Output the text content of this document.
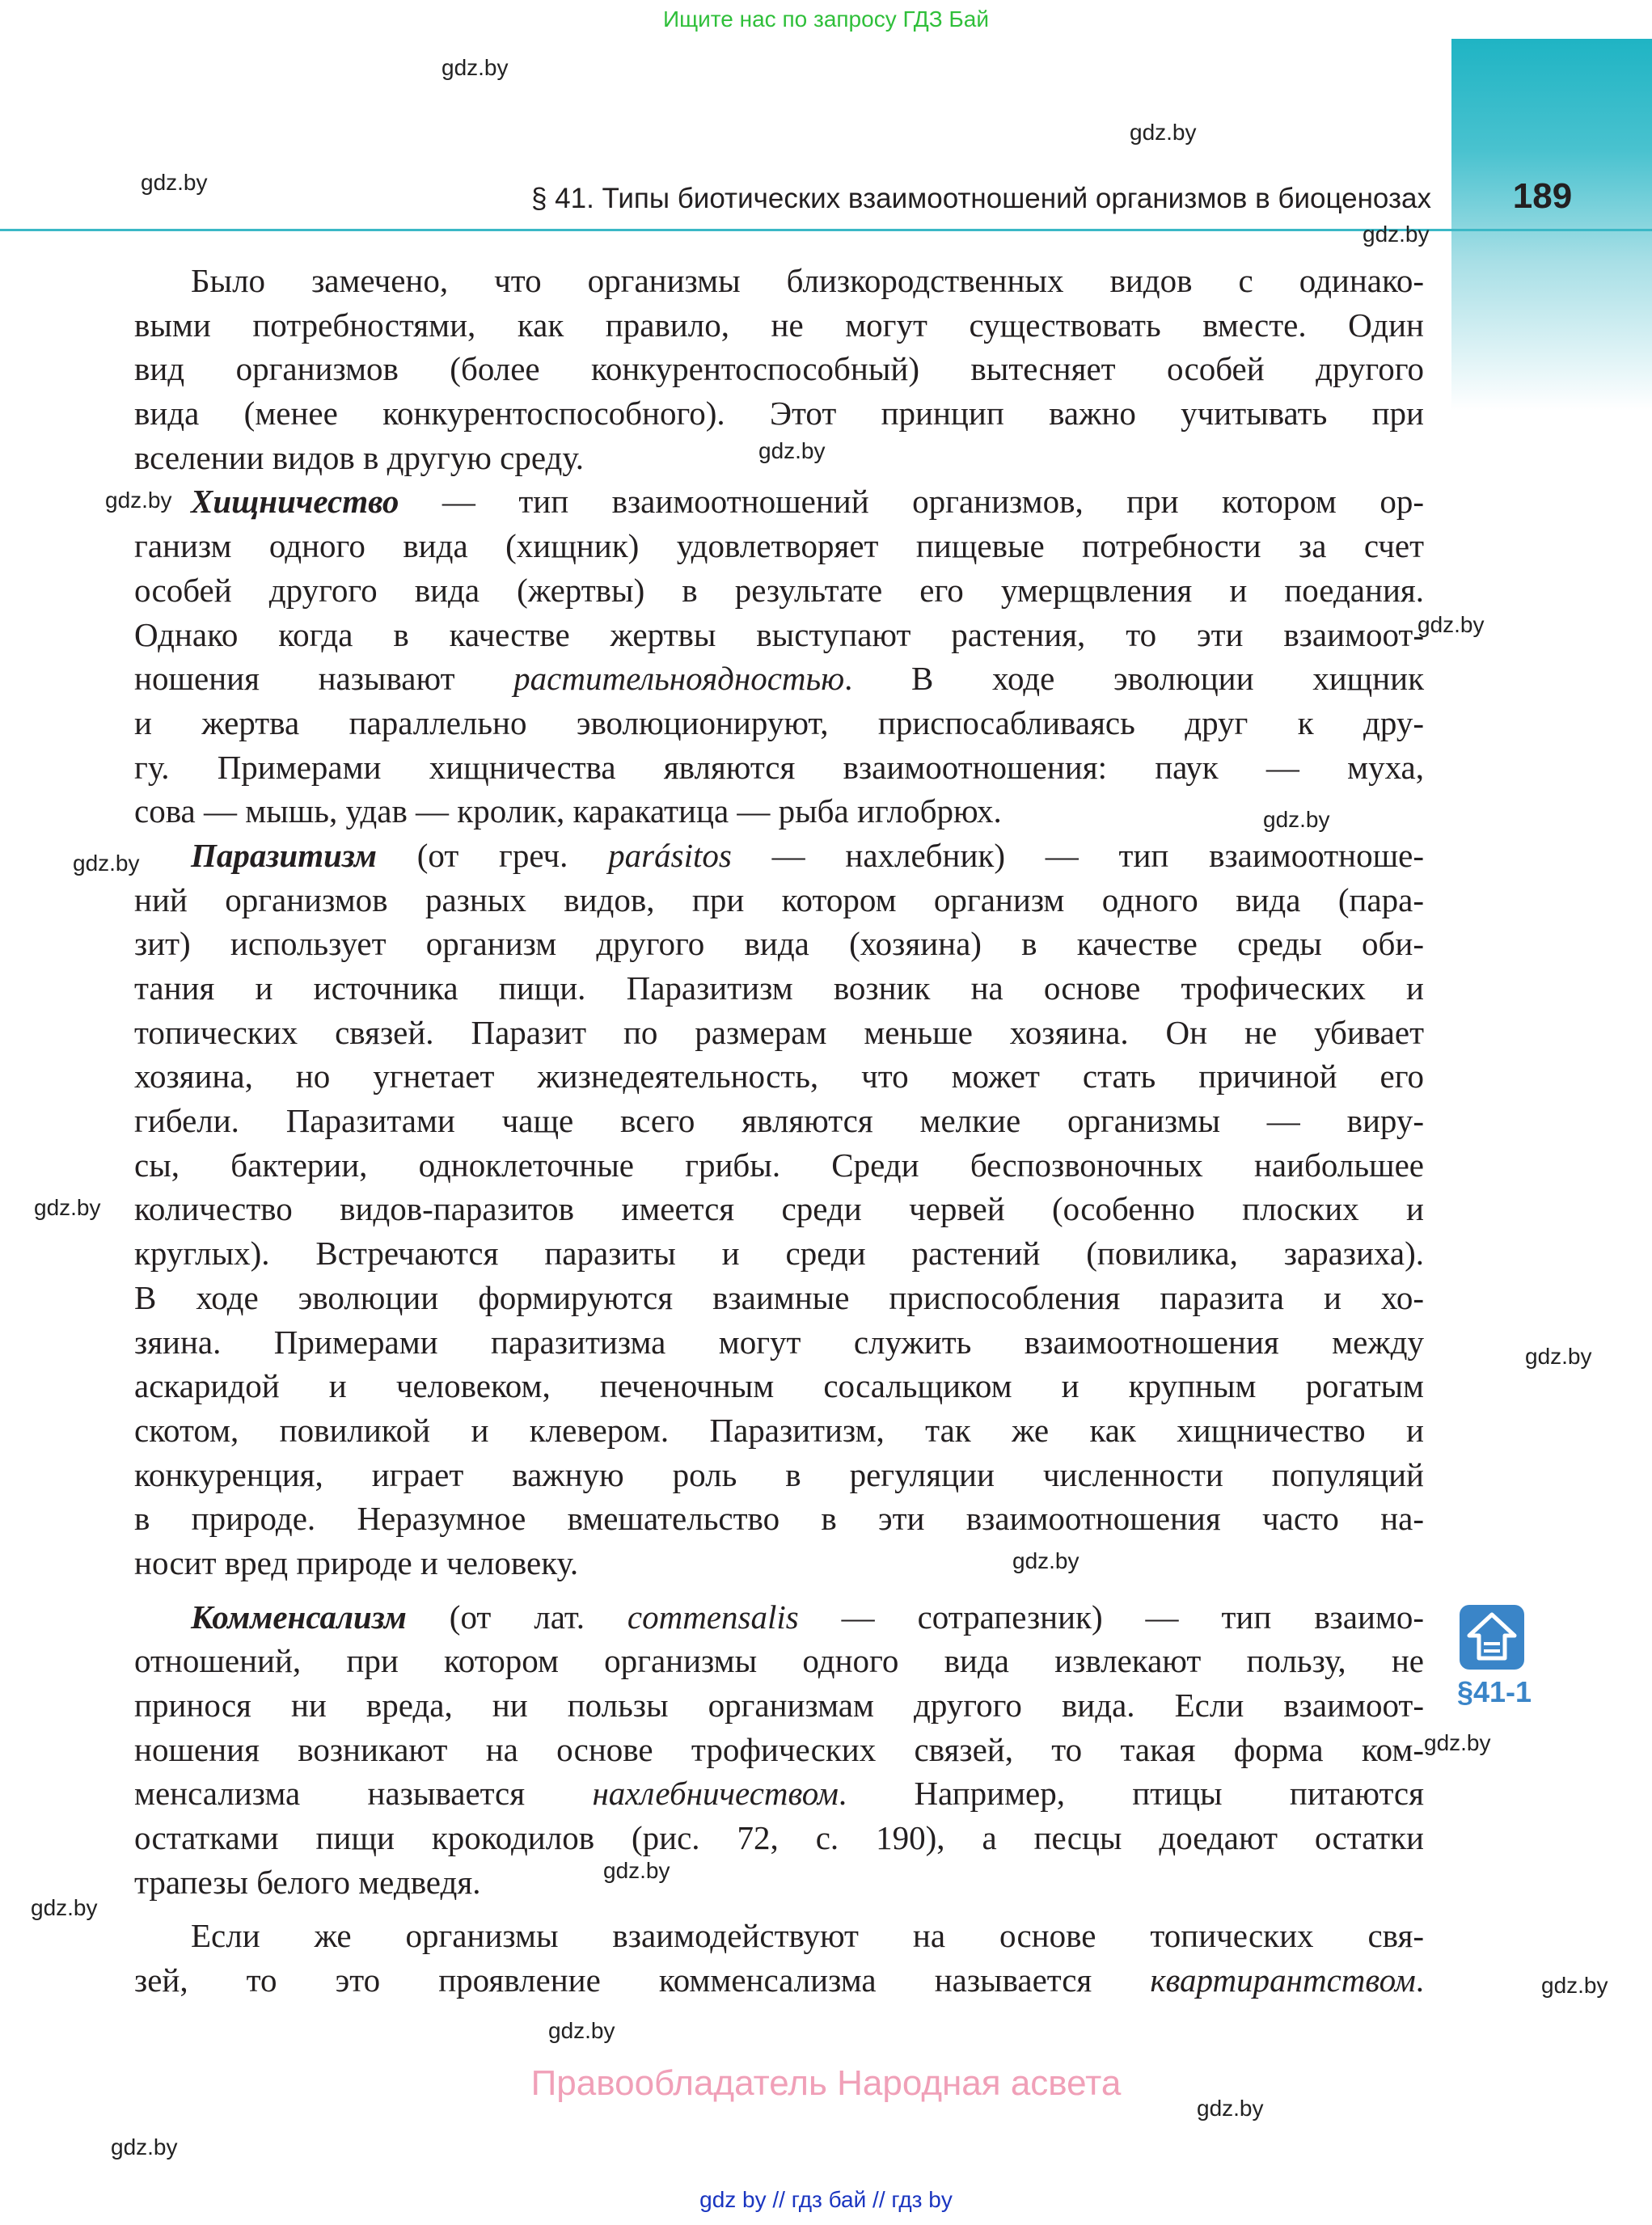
Ищите нас по запросу ГДЗ Бай
189
§ 41. Типы биотических взаимоотношений организмов в биоценозах
gdz.by
gdz.by
gdz.by
gdz.by
gdz.by
gdz.by
gdz.by
gdz.by
gdz.by
gdz.by
gdz.by
gdz.by
gdz.by
gdz.by
gdz.by
gdz.by
gdz.by
gdz.by
gdz.by
Было замечено, что организмы близкородственных видов с одинако-
выми потребностями, как правило, не могут существовать вместе. Один
вид организмов (более конкурентоспособный) вытесняет особей другого
вида (менее конкурентоспособного). Этот принцип важно учитывать при
вселении видов в другую среду.
Хищничество — тип взаимоотношений организмов, при котором ор-
ганизм одного вида (хищник) удовлетворяет пищевые потребности за счет
особей другого вида (жертвы) в результате его умерщвления и поедания.
Однако когда в качестве жертвы выступают растения, то эти взаимоот-
ношения называют растительноядностью. В ходе эволюции хищник
и жертва параллельно эволюционируют, приспосабливаясь друг к дру-
гу. Примерами хищничества являются взаимоотношения: паук — муха,
сова — мышь, удав — кролик, каракатица — рыба иглобрюх.
Паразитизм (от греч. parásitos — нахлебник) — тип взаимоотноше-
ний организмов разных видов, при котором организм одного вида (пара-
зит) использует организм другого вида (хозяина) в качестве среды оби-
тания и источника пищи. Паразитизм возник на основе трофических и
топических связей. Паразит по размерам меньше хозяина. Он не убивает
хозяина, но угнетает жизнедеятельность, что может стать причиной его
гибели. Паразитами чаще всего являются мелкие организмы — виру-
сы, бактерии, одноклеточные грибы. Среди беспозвоночных наибольшее
количество видов-паразитов имеется среди червей (особенно плоских и
круглых). Встречаются паразиты и среди растений (повилика, заразиха).
В ходе эволюции формируются взаимные приспособления паразита и хо-
зяина. Примерами паразитизма могут служить взаимоотношения между
аскаридой и человеком, печеночным сосальщиком и крупным рогатым
скотом, повиликой и клевером. Паразитизм, так же как хищничество и
конкуренция, играет важную роль в регуляции численности популяций
в природе. Неразумное вмешательство в эти взаимоотношения часто на-
носит вред природе и человеку.
Комменсализм (от лат. commensalis — сотрапезник) — тип взаимо-
отношений, при котором организмы одного вида извлекают пользу, не
принося ни вреда, ни пользы организмам другого вида. Если взаимоот-
ношения возникают на основе трофических связей, то такая форма ком-
менсализма называется нахлебничеством. Например, птицы питаются
остатками пищи крокодилов (рис. 72, с. 190), а песцы доедают остатки
трапезы белого медведя.
Если же организмы взаимодействуют на основе топических свя-
зей, то это проявление комменсализма называется квартирантством.
§41-1
Правообладатель Народная асвета
gdz by // гдз бай // гдз by
